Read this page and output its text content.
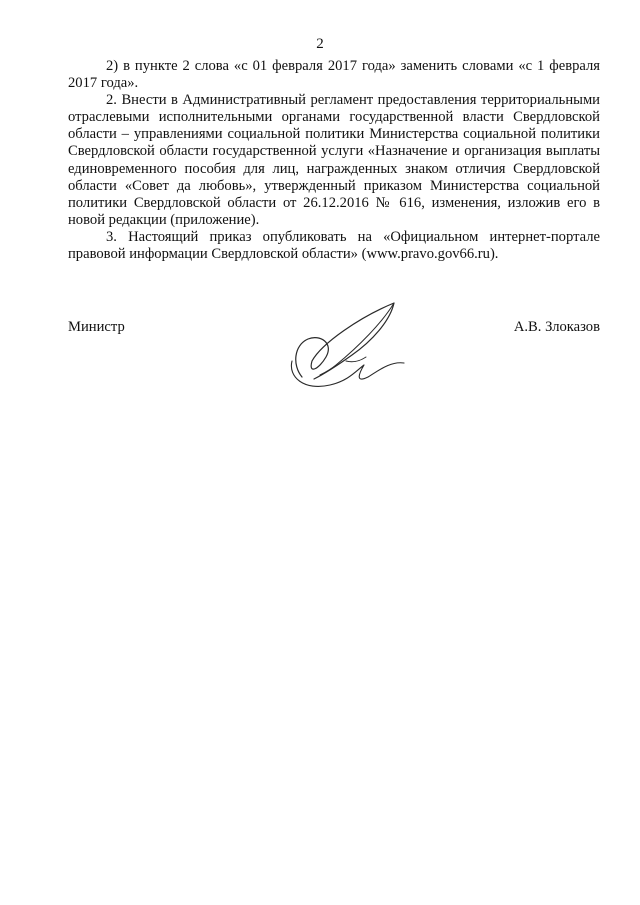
2

2) в пункте 2 слова «с 01 февраля 2017 года» заменить словами «с 1 февраля 2017 года».

2. Внести в Административный регламент предоставления территориальными отраслевыми исполнительными органами государственной власти Свердловской области – управлениями социальной политики Министерства социальной политики Свердловской области государственной услуги «Назначение и организация выплаты единовременного пособия для лиц, награжденных знаком отличия Свердловской области «Совет да любовь», утвержденный приказом Министерства социальной политики Свердловской области от 26.12.2016 № 616, изменения, изложив его в новой редакции (приложение).

3. Настоящий приказ опубликовать на «Официальном интернет-портале правовой информации Свердловской области» (www.pravo.gov66.ru).

Министр	А.В. Злоказов
